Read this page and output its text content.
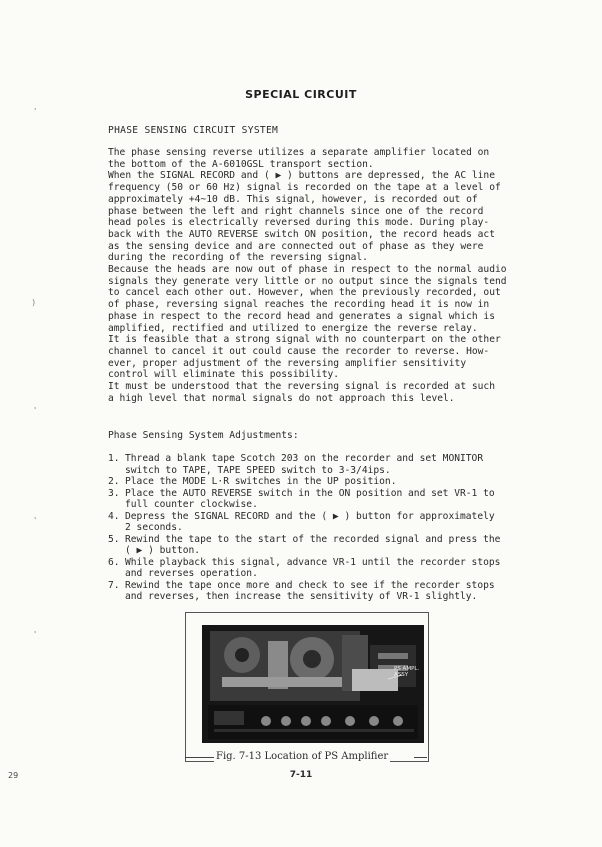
SPECIAL CIRCUIT
PHASE SENSING CIRCUIT SYSTEM

The phase sensing reverse utilizes a separate amplifier located on

the bottom of the A-6010GSL transport section.

When the SIGNAL RECORD and ( ▶ ) buttons are depressed, the AC line

frequency (50 or 60 Hz) signal is recorded on the tape at a level of

approximately +4~10 dB. This signal, however, is recorded out of

phase between the left and right channels since one of the record

head poles is electrically reversed during this mode. During play-

back with the AUTO REVERSE switch ON position, the record heads act

as the sensing device and are connected out of phase as they were

during the recording of the reversing signal.

Because the heads are now out of phase in respect to the normal audio

signals they generate very little or no output since the signals tend

to cancel each other out. However, when the previously recorded, out

of phase, reversing signal reaches the recording head it is now in

phase in respect to the record head and generates a signal which is

amplified, rectified and utilized to energize the reverse relay.

It is feasible that a strong signal with no counterpart on the other

channel to cancel it out could cause the recorder to reverse. How-

ever, proper adjustment of the reversing amplifier sensitivity

control will eliminate this possibility.

It must be understood that the reversing signal is recorded at such

a high level that normal signals do not approach this level.

Phase Sensing System Adjustments:
1. Thread a blank tape Scotch 203 on the recorder and set MONITOR
switch to TAPE, TAPE SPEED switch to 3-3/4ips.
2. Place the MODE L·R switches in the UP position.
3. Place the AUTO REVERSE switch in the ON position and set VR-1 to
full counter clockwise.
4. Depress the SIGNAL RECORD and the ( ▶ ) button for approximately
2 seconds.
5. Rewind the tape to the start of the recorded signal and press the
( ▶ ) button.
6. While playback this signal, advance VR-1 until the recorder stops
and reverses operation.
7. Rewind the tape once more and check to see if the recorder stops
and reverses, then increase the sensitivity of VR-1 slightly.
PS AMPL.
ASSY
Fig. 7-13 Location of PS Amplifier
7-11
29
,
)
'
'
'
